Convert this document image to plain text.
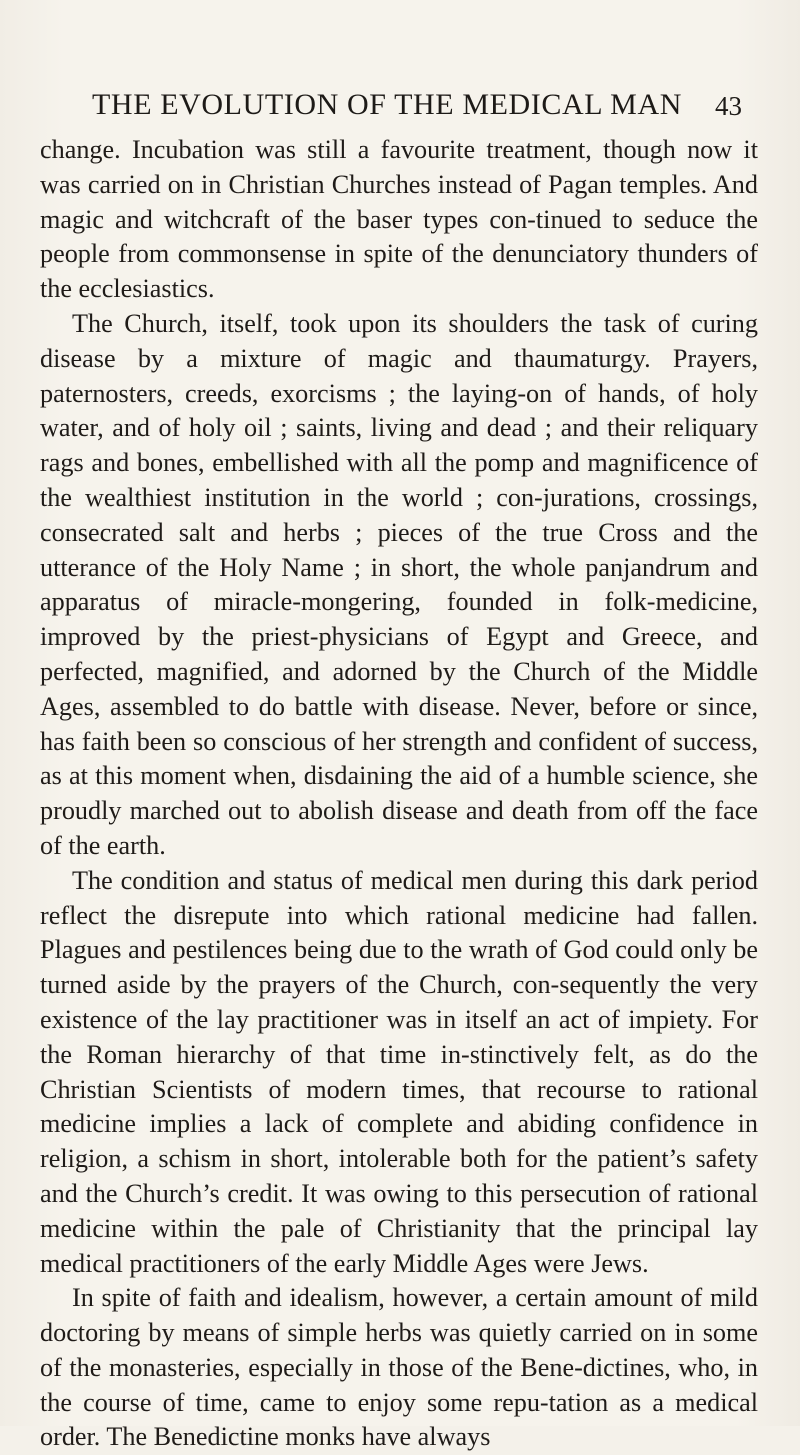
THE EVOLUTION OF THE MEDICAL MAN 43

change. Incubation was still a favourite treatment, though now it was carried on in Christian Churches instead of Pagan temples. And magic and witchcraft of the baser types con-tinued to seduce the people from commonsense in spite of the denunciatory thunders of the ecclesiastics.

The Church, itself, took upon its shoulders the task of curing disease by a mixture of magic and thaumaturgy. Prayers, paternosters, creeds, exorcisms ; the laying-on of hands, of holy water, and of holy oil ; saints, living and dead ; and their reliquary rags and bones, embellished with all the pomp and magnificence of the wealthiest institution in the world ; con-jurations, crossings, consecrated salt and herbs ; pieces of the true Cross and the utterance of the Holy Name ; in short, the whole panjandrum and apparatus of miracle-mongering, founded in folk-medicine, improved by the priest-physicians of Egypt and Greece, and perfected, magnified, and adorned by the Church of the Middle Ages, assembled to do battle with disease. Never, before or since, has faith been so conscious of her strength and confident of success, as at this moment when, disdaining the aid of a humble science, she proudly marched out to abolish disease and death from off the face of the earth.

The condition and status of medical men during this dark period reflect the disrepute into which rational medicine had fallen. Plagues and pestilences being due to the wrath of God could only be turned aside by the prayers of the Church, con-sequently the very existence of the lay practitioner was in itself an act of impiety. For the Roman hierarchy of that time in-stinctively felt, as do the Christian Scientists of modern times, that recourse to rational medicine implies a lack of complete and abiding confidence in religion, a schism in short, intolerable both for the patient’s safety and the Church’s credit. It was owing to this persecution of rational medicine within the pale of Christianity that the principal lay medical practitioners of the early Middle Ages were Jews.

In spite of faith and idealism, however, a certain amount of mild doctoring by means of simple herbs was quietly carried on in some of the monasteries, especially in those of the Bene-dictines, who, in the course of time, came to enjoy some repu-tation as a medical order. The Benedictine monks have always
